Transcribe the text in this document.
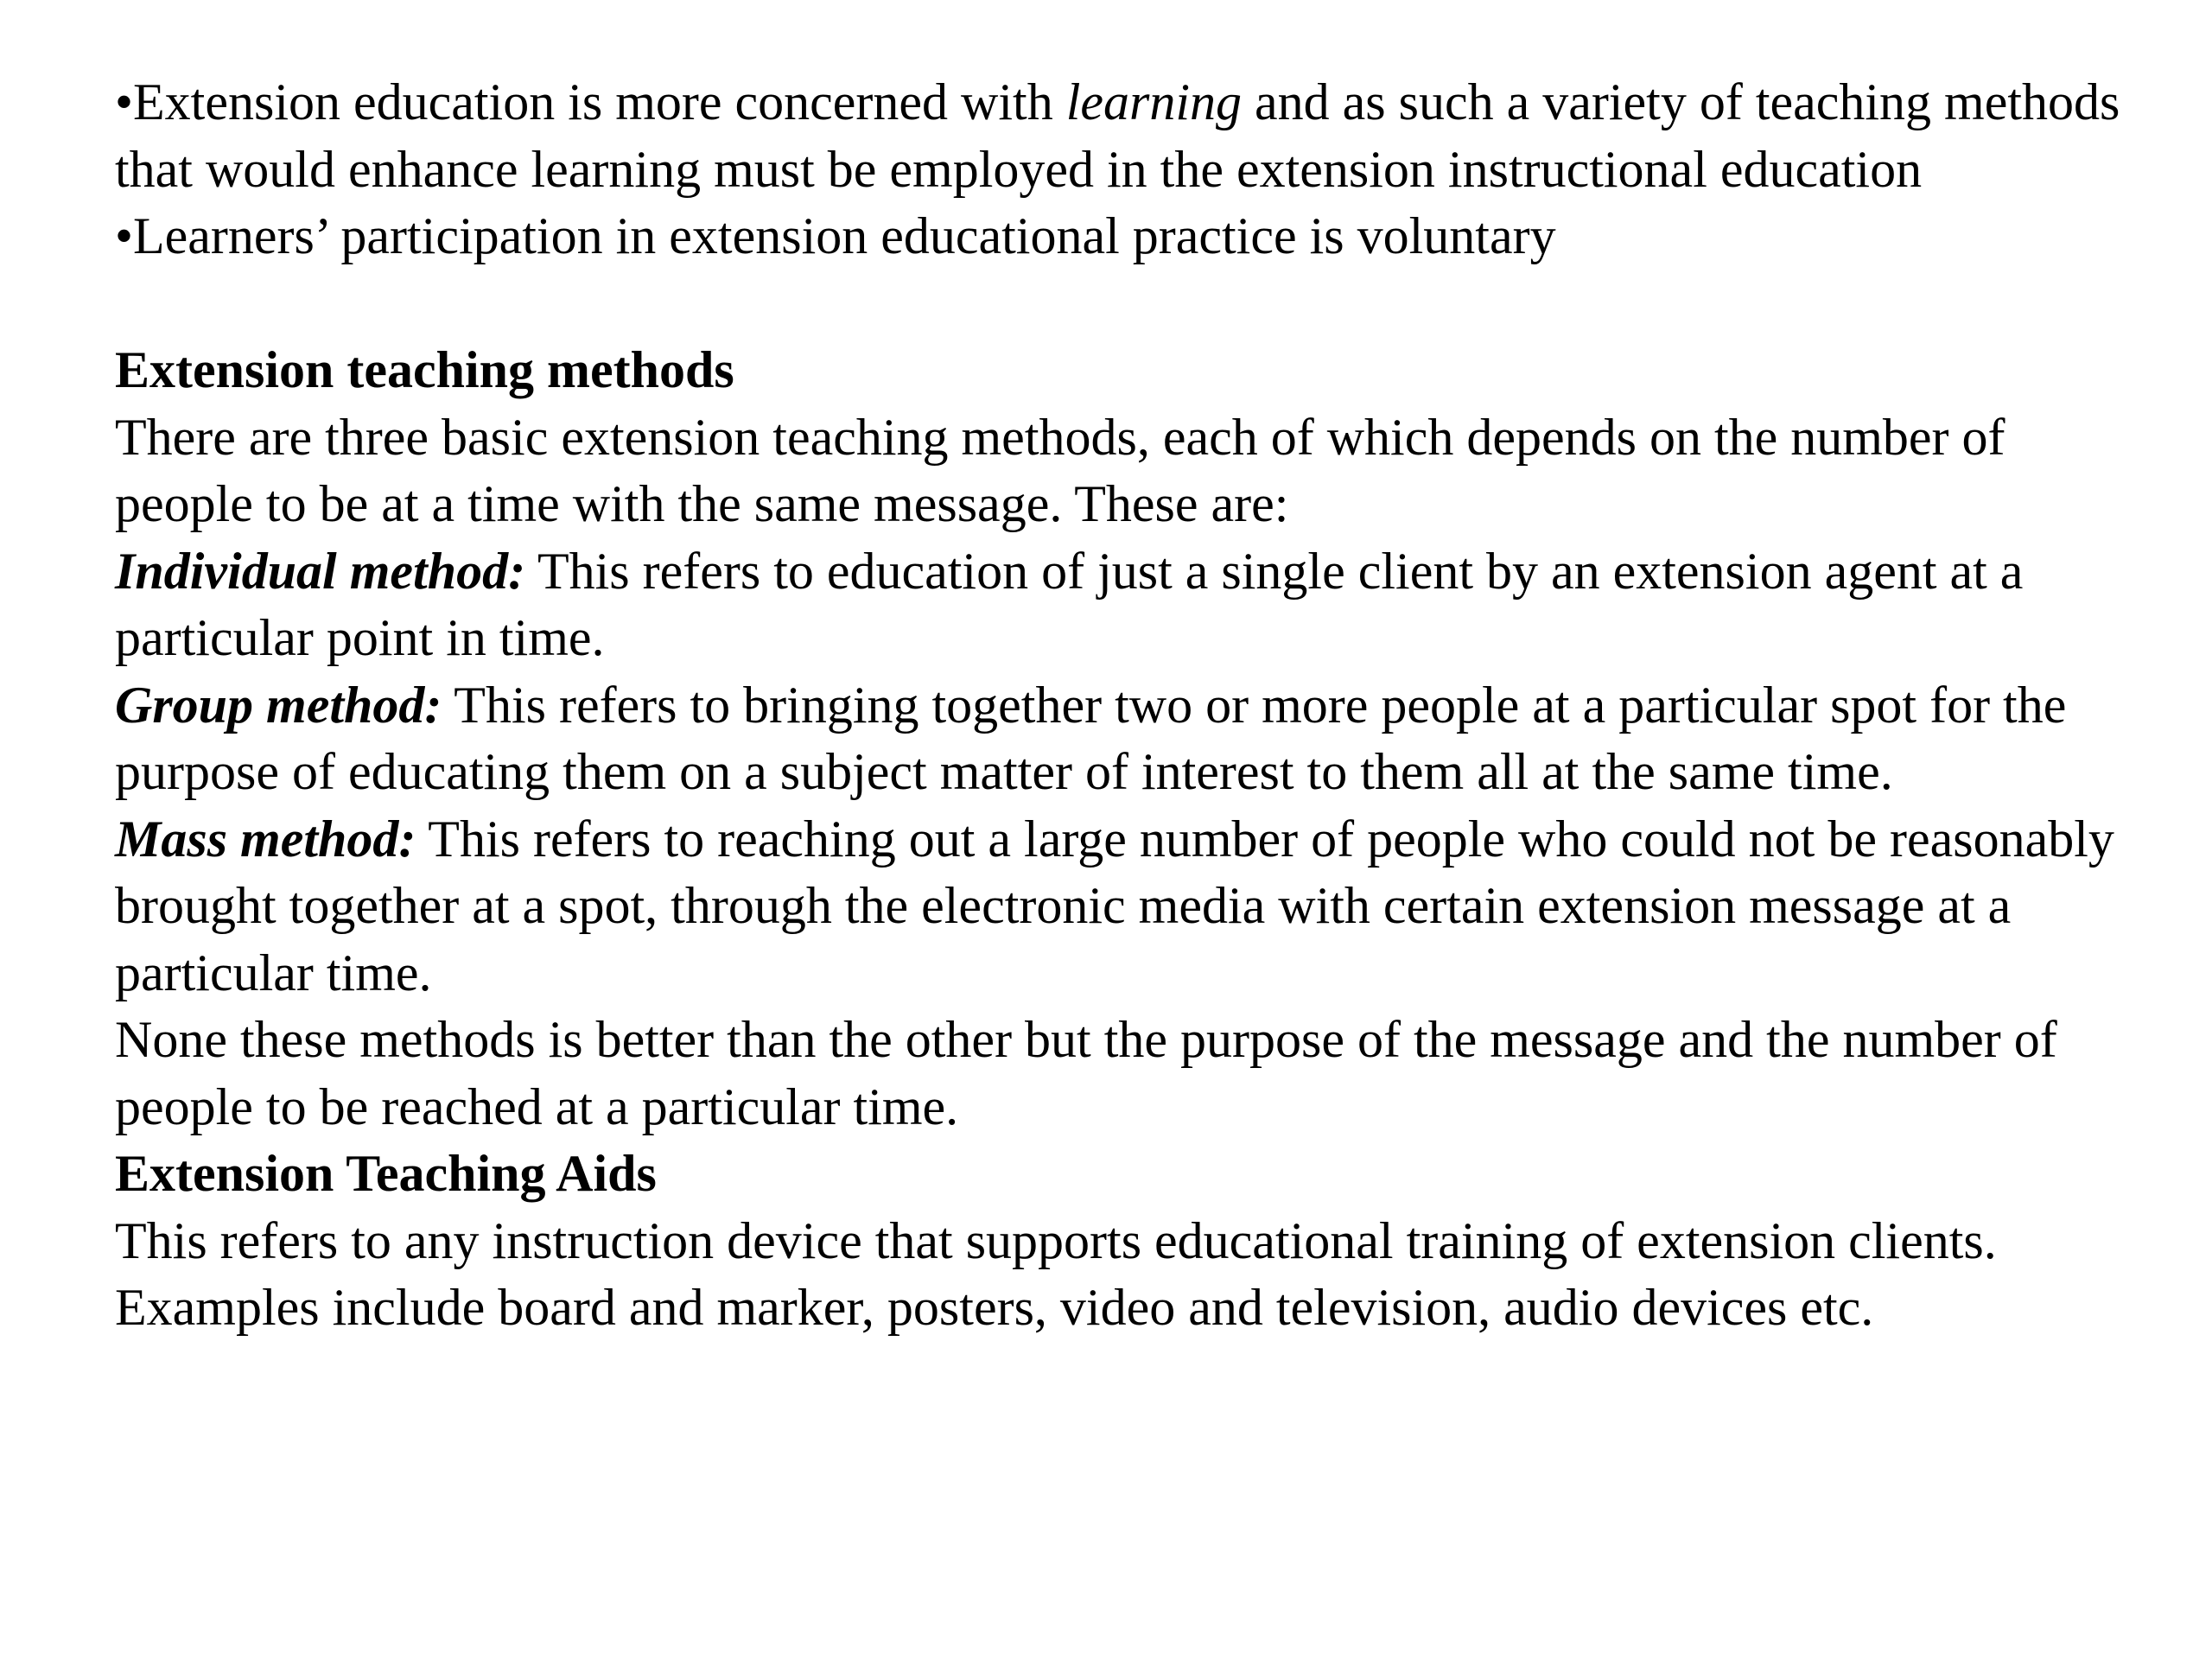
•Extension education is more concerned with learning and as such a variety of teaching methods that would enhance learning must be employed in the extension instructional education

•Learners’ participation in extension educational practice is voluntary

Extension teaching methods

There are three basic extension teaching methods, each of which depends on the number of people to be at a time with the same message. These are:

Individual method: This refers to education of just a single client by an extension agent at a particular point in time.

Group method: This refers to bringing together two or more people at a particular spot for the purpose of educating them on a subject matter of interest to them all at the same time.

Mass method: This refers to reaching out a large number of people who could not be reasonably brought together at a spot, through the electronic media with certain extension message at a particular time.

None these methods is better than the other but the purpose of the message and the number of people to be reached at a particular time.

Extension Teaching Aids

This refers to any instruction device that supports educational training of extension clients. Examples include board and marker, posters, video and television, audio devices etc.
